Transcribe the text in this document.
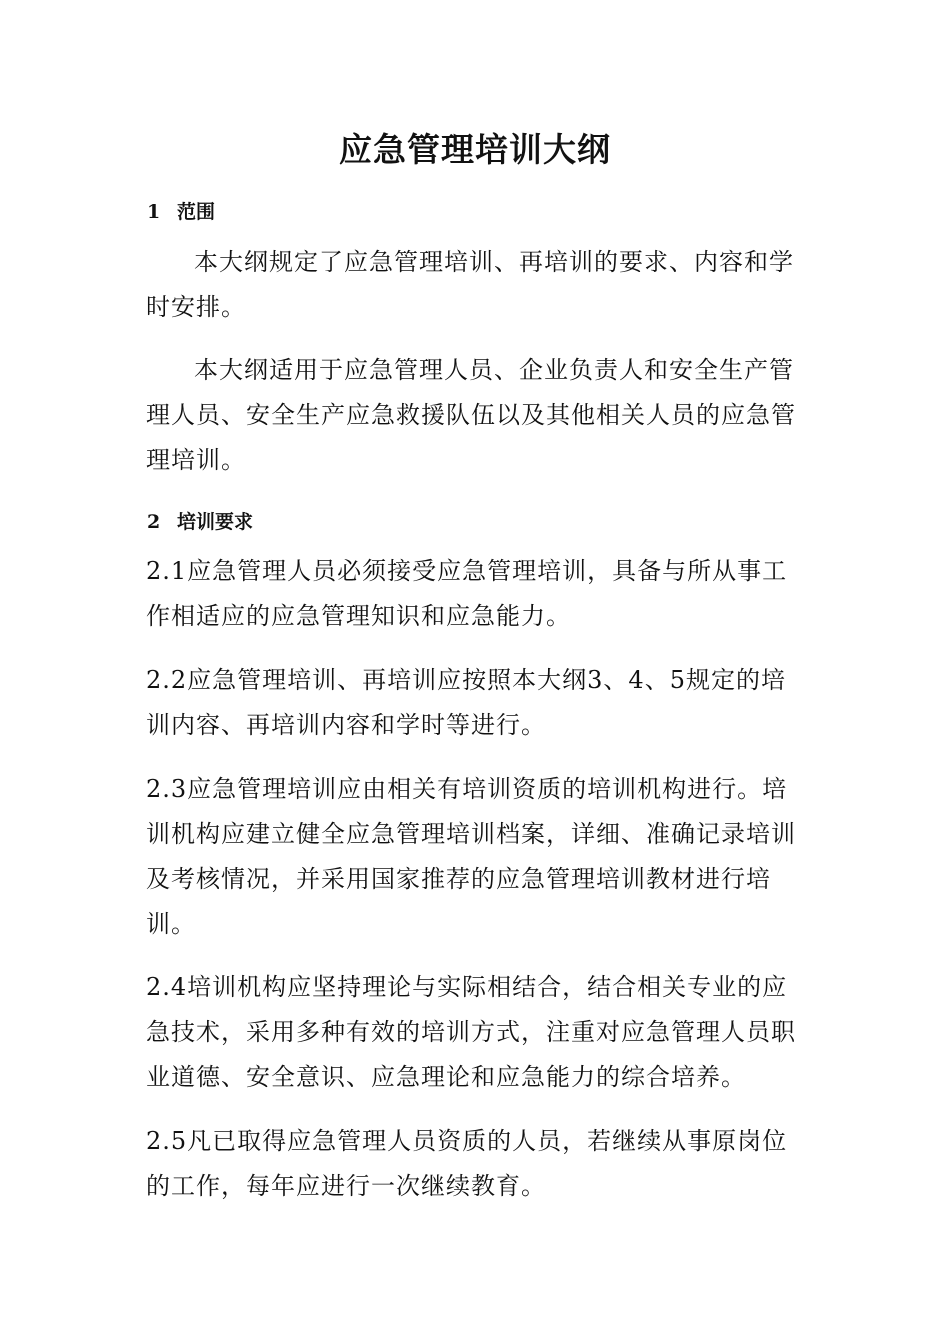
应急管理培训大纲
1 范围
本大纲规定了应急管理培训、再培训的要求、内容和学时安排。
本大纲适用于应急管理人员、企业负责人和安全生产管理人员、安全生产应急救援队伍以及其他相关人员的应急管理培训。
2 培训要求
2.1应急管理人员必须接受应急管理培训，具备与所从事工作相适应的应急管理知识和应急能力。
2.2应急管理培训、再培训应按照本大纲3、4、5规定的培训内容、再培训内容和学时等进行。
2.3应急管理培训应由相关有培训资质的培训机构进行。培训机构应建立健全应急管理培训档案，详细、准确记录培训及考核情况，并采用国家推荐的应急管理培训教材进行培训。
2.4培训机构应坚持理论与实际相结合，结合相关专业的应急技术，采用多种有效的培训方式，注重对应急管理人员职业道德、安全意识、应急理论和应急能力的综合培养。
2.5凡已取得应急管理人员资质的人员，若继续从事原岗位的工作，每年应进行一次继续教育。
